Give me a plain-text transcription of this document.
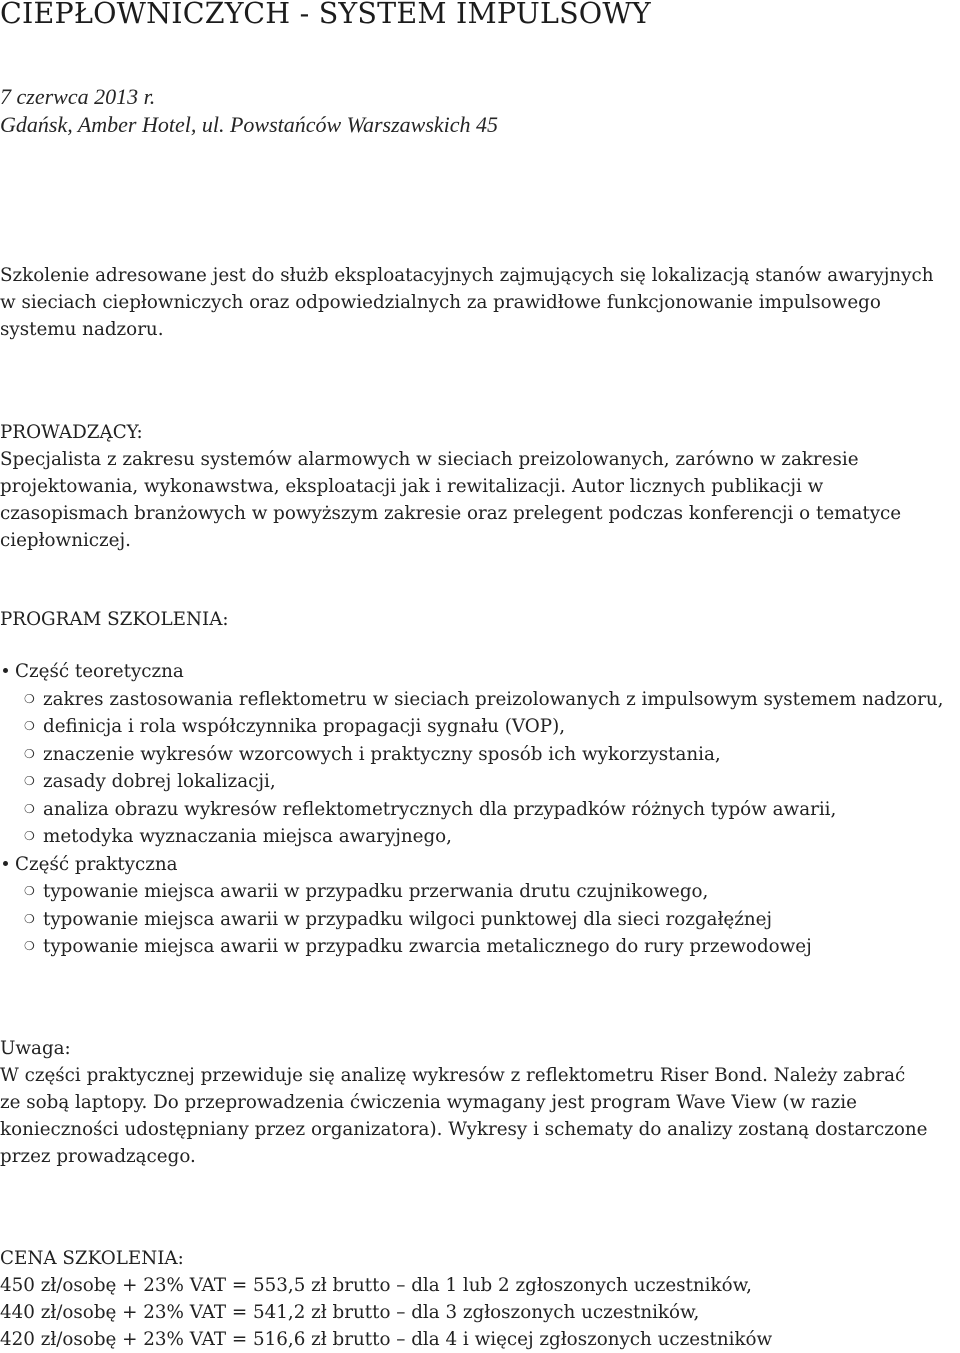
CIEPŁOWNICZYCH - SYSTEM IMPULSOWY
7 czerwca 2013 r.
Gdańsk, Amber Hotel, ul. Powstańców Warszawskich 45
Szkolenie adresowane jest do służb eksploatacyjnych zajmujących się lokalizacją stanów awaryjnych
w sieciach ciepłowniczych oraz odpowiedzialnych za prawidłowe funkcjonowanie impulsowego
systemu nadzoru.
PROWADZĄCY:
Specjalista z zakresu systemów alarmowych w sieciach preizolowanych, zarówno w zakresie
projektowania, wykonawstwa, eksploatacji jak i rewitalizacji. Autor licznych publikacji w
czasopismach branżowych w powyższym zakresie oraz prelegent podczas konferencji o tematyce
ciepłowniczej.
PROGRAM SZKOLENIA:
Część teoretyczna
❍ zakres zastosowania reflektometru w sieciach preizolowanych z impulsowym systemem nadzoru,
❍ definicja i rola współczynnika propagacji sygnału (VOP),
❍ znaczenie wykresów wzorcowych i praktyczny sposób ich wykorzystania,
❍ zasady dobrej lokalizacji,
❍ analiza obrazu wykresów reflektometrycznych dla przypadków różnych typów awarii,
❍ metodyka wyznaczania miejsca awaryjnego,
Część praktyczna
❍ typowanie miejsca awarii w przypadku przerwania drutu czujnikowego,
❍ typowanie miejsca awarii w przypadku wilgoci punktowej dla sieci rozgałęźnej
❍ typowanie miejsca awarii w przypadku zwarcia metalicznego do rury przewodowej
Uwaga:
W części praktycznej przewiduje się analizę wykresów z reflektometru Riser Bond. Należy zabrać
ze sobą laptopy. Do przeprowadzenia ćwiczenia wymagany jest program Wave View (w razie
konieczności udostępniany przez organizatora). Wykresy i schematy do analizy zostaną dostarczone
przez prowadzącego.
CENA SZKOLENIA:
450 zł/osobę + 23% VAT = 553,5 zł brutto – dla 1 lub 2 zgłoszonych uczestników,
440 zł/osobę + 23% VAT = 541,2 zł brutto – dla 3 zgłoszonych uczestników,
420 zł/osobę + 23% VAT = 516,6 zł brutto – dla 4 i więcej zgłoszonych uczestników
